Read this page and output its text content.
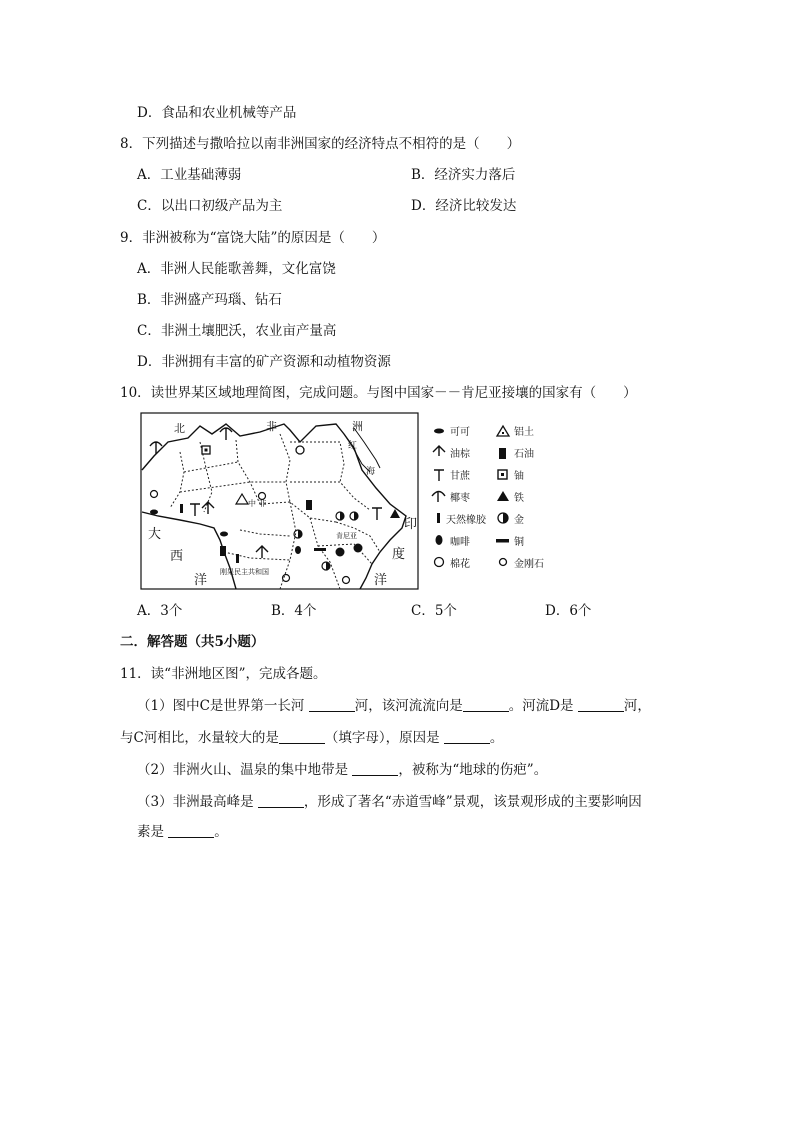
D．食品和农业机械等产品
8．下列描述与撒哈拉以南非洲国家的经济特点不相符的是（　　）
A．工业基础薄弱	B．经济实力落后
C．以出口初级产品为主	D．经济比较发达
9．非洲被称为“富饶大陆”的原因是（　　）
A．非洲人民能歌善舞，文化富饶
B．非洲盛产玛瑙、钻石
C．非洲土壤肥沃，农业亩产量高
D．非洲拥有丰富的矿产资源和动植物资源
10．读世界某区域地理简图，完成问题。与图中国家－－肯尼亚接壤的国家有（　　）
北	非	洲
红
海
大
西
洋
印
度
洋
中 非
肯尼亚
刚果民主共和国
可可	铝土
油棕	石油
甘蔗	铀
椰枣	铁
天然橡胶	金
咖啡	铜
棉花	金刚石
A．3个	B．4个	C．5个	D．6个
二．解答题（共5小题）
11．读“非洲地区图”，完成各题。
（1）图中C是世界第一长河	河，该河流流向是	。河流D是	河，
与C河相比，水量较大的是	（填字母），原因是	。
（2）非洲火山、温泉的集中地带是	，被称为“地球的伤疤”。
（3）非洲最高峰是	，形成了著名“赤道雪峰”景观，该景观形成的主要影响因
素是	。
